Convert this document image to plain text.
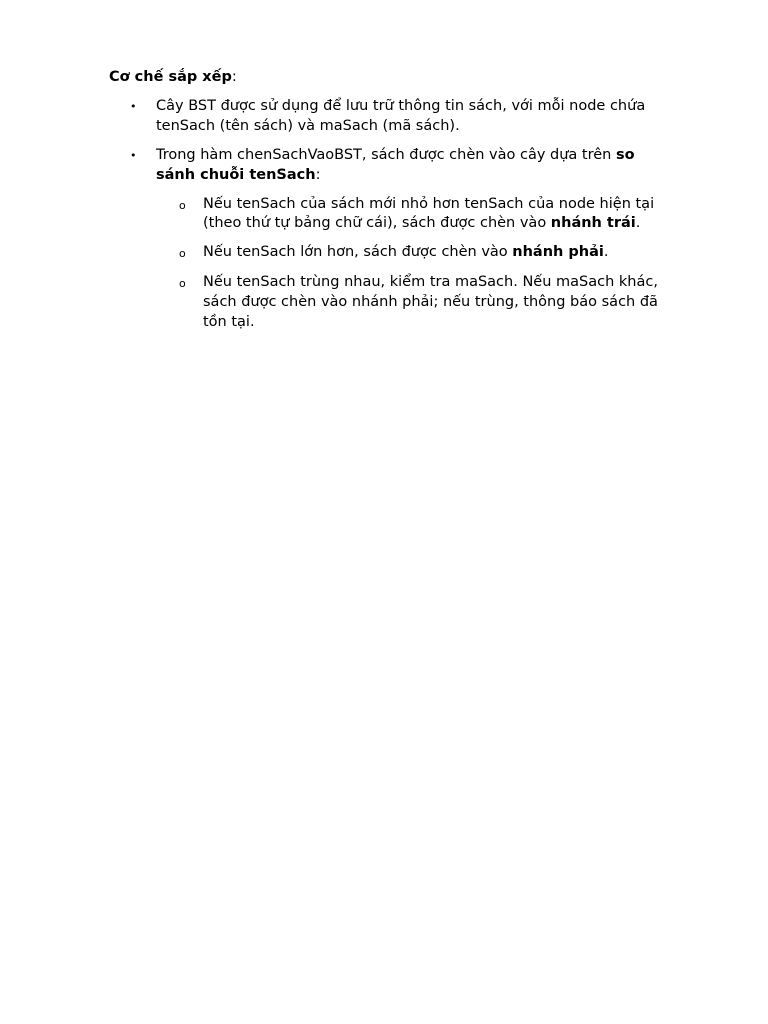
Cơ chế sắp xếp:
• Cây BST được sử dụng để lưu trữ thông tin sách, với mỗi node chứa
tenSach (tên sách) và maSach (mã sách).
• Trong hàm chenSachVaoBST, sách được chèn vào cây dựa trên so
sánh chuỗi tenSach:
o Nếu tenSach của sách mới nhỏ hơn tenSach của node hiện tại
(theo thứ tự bảng chữ cái), sách được chèn vào nhánh trái.
o Nếu tenSach lớn hơn, sách được chèn vào nhánh phải.
o Nếu tenSach trùng nhau, kiểm tra maSach. Nếu maSach khác,
sách được chèn vào nhánh phải; nếu trùng, thông báo sách đã
tồn tại.
